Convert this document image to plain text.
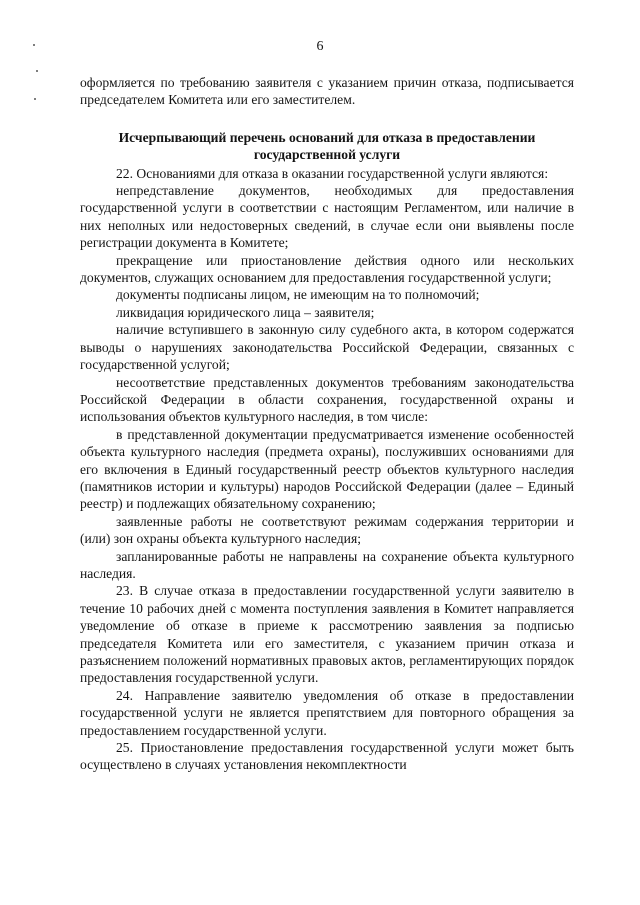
6

оформляется по требованию заявителя с указанием причин отказа, подписывается председателем Комитета или его заместителем.

Исчерпывающий перечень оснований для отказа в предоставлении государственной услуги

22. Основаниями для отказа в оказании государственной услуги являются:

непредставление документов, необходимых для предоставления государственной услуги в соответствии с настоящим Регламентом, или наличие в них неполных или недостоверных сведений, в случае если они выявлены после регистрации документа в Комитете;

прекращение или приостановление действия одного или нескольких документов, служащих основанием для предоставления государственной услуги;

документы подписаны лицом, не имеющим на то полномочий;

ликвидация юридического лица – заявителя;

наличие вступившего в законную силу судебного акта, в котором содержатся выводы о нарушениях законодательства Российской Федерации, связанных с государственной услугой;

несоответствие представленных документов требованиям законодательства Российской Федерации в области сохранения, государственной охраны и использования объектов культурного наследия, в том числе:

в представленной документации предусматривается изменение особенностей объекта культурного наследия (предмета охраны), послуживших основаниями для его включения в Единый государственный реестр объектов культурного наследия (памятников истории и культуры) народов Российской Федерации (далее – Единый реестр) и подлежащих обязательному сохранению;

заявленные работы не соответствуют режимам содержания территории и (или) зон охраны объекта культурного наследия;

запланированные работы не направлены на сохранение объекта культурного наследия.

23. В случае отказа в предоставлении государственной услуги заявителю в течение 10 рабочих дней с момента поступления заявления в Комитет направляется уведомление об отказе в приеме к рассмотрению заявления за подписью председателя Комитета или его заместителя, с указанием причин отказа и разъяснением положений нормативных правовых актов, регламентирующих порядок предоставления государственной услуги.

24. Направление заявителю уведомления об отказе в предоставлении государственной услуги не является препятствием для повторного обращения за предоставлением государственной услуги.

25. Приостановление предоставления государственной услуги может быть осуществлено в случаях установления некомплектности
